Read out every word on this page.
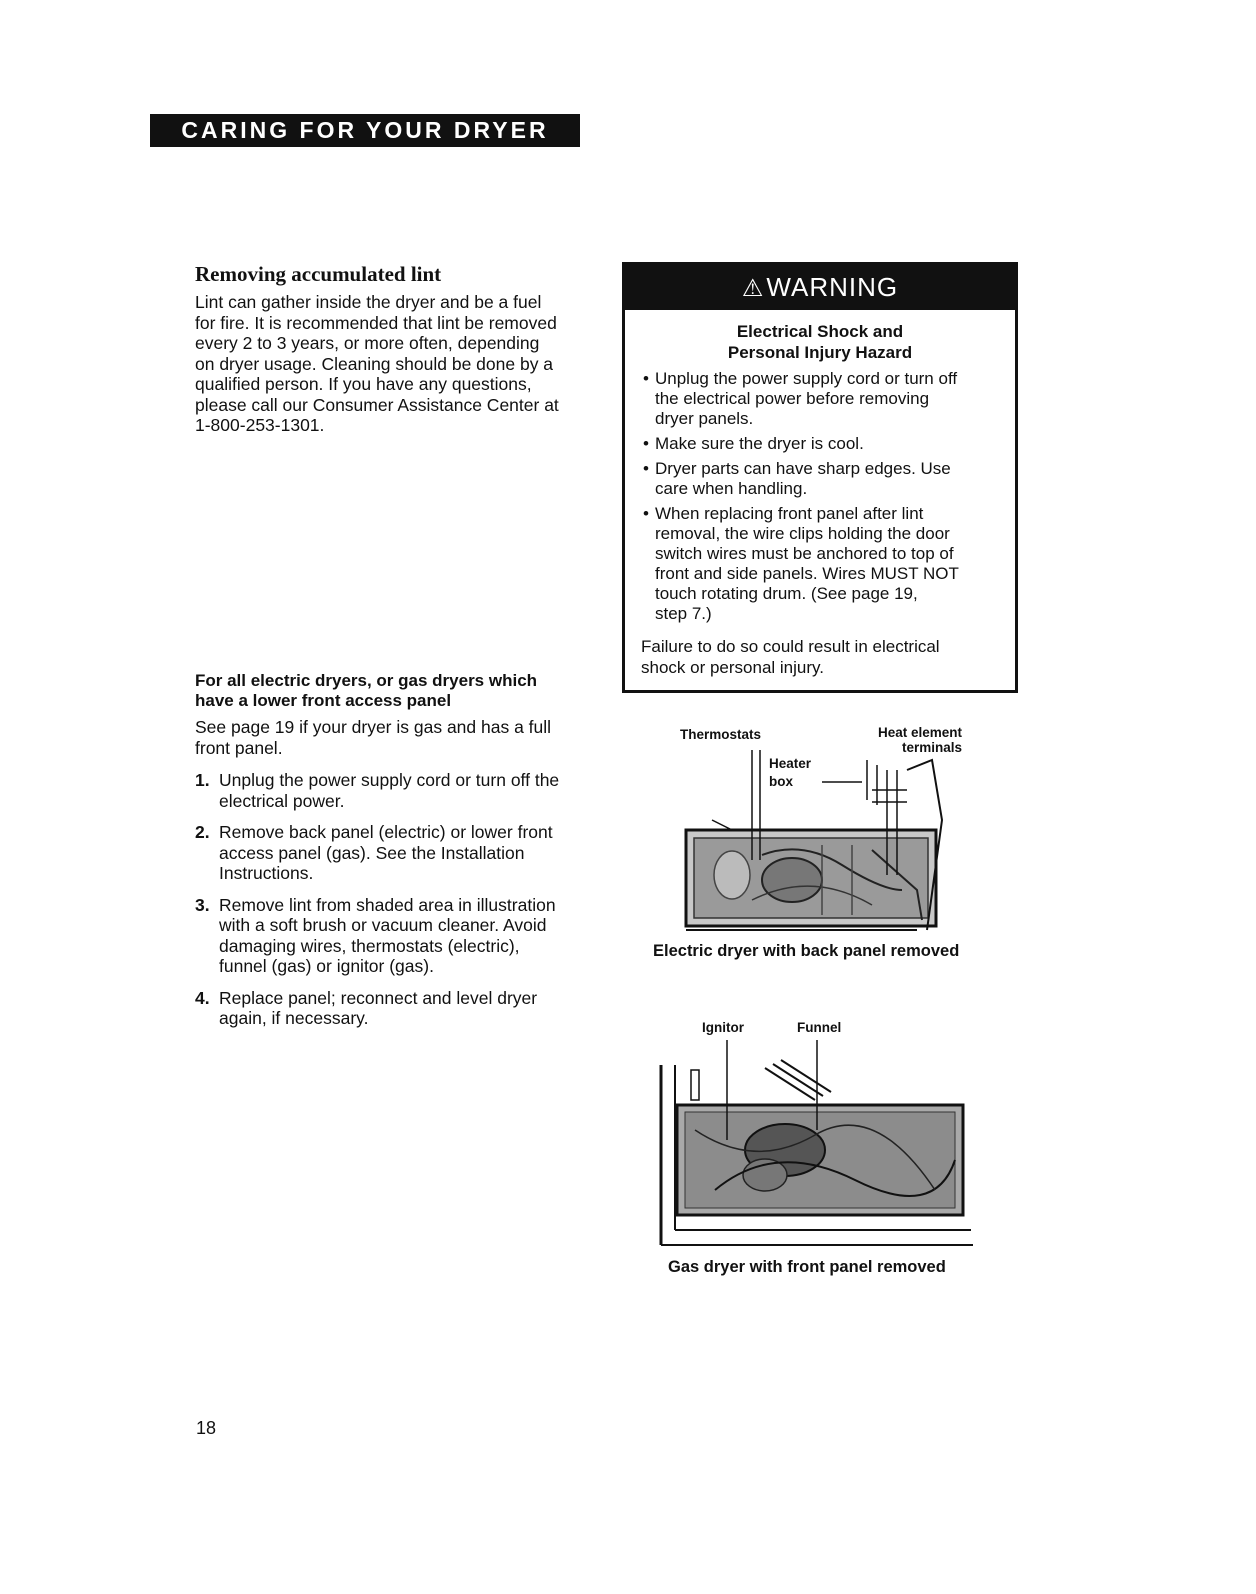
CARING FOR YOUR DRYER
Removing accumulated lint
Lint can gather inside the dryer and be a fuel
for fire. It is recommended that lint be removed
every 2 to 3 years, or more often, depending
on dryer usage. Cleaning should be done by a
qualified person. If you have any questions,
please call our Consumer Assistance Center at
1-800-253-1301.
For all electric dryers, or gas dryers which
have a lower front access panel
See page 19 if your dryer is gas and has a full
front panel.
1. Unplug the power supply cord or turn off the
electrical power.
2. Remove back panel (electric) or lower front
access panel (gas). See the Installation
Instructions.
3. Remove lint from shaded area in illustration
with a soft brush or vacuum cleaner. Avoid
damaging wires, thermostats (electric),
funnel (gas) or ignitor (gas).
4. Replace panel; reconnect and level dryer
again, if necessary.
⚠WARNING
Electrical Shock and
Personal Injury Hazard
• Unplug the power supply cord or turn off
the electrical power before removing
dryer panels.
• Make sure the dryer is cool.
• Dryer parts can have sharp edges. Use
care when handling.
• When replacing front panel after lint
removal, the wire clips holding the door
switch wires must be anchored to top of
front and side panels. Wires MUST NOT
touch rotating drum. (See page 19,
step 7.)
Failure to do so could result in electrical
shock or personal injury.
Thermostats	Heat element
terminals
Heater
box
Electric dryer with back panel removed
Ignitor	Funnel
Gas dryer with front panel removed
18
